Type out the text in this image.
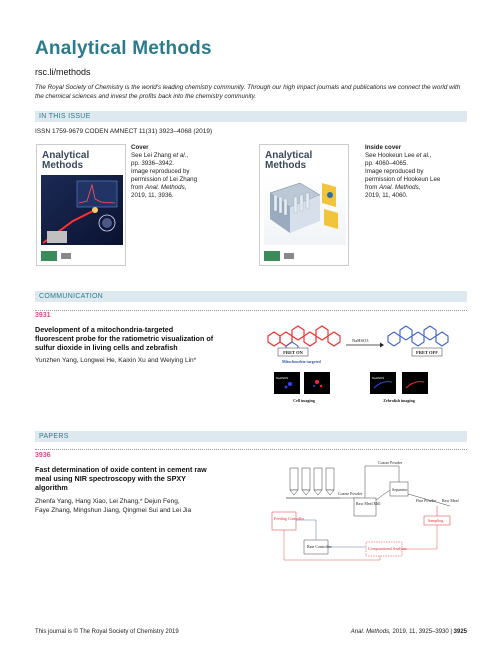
Analytical Methods
rsc.li/methods
The Royal Society of Chemistry is the world's leading chemistry community. Through our high impact journals and publications we connect the world with the chemical sciences and invest the profits back into the chemistry community.
IN THIS ISSUE
ISSN 1759-9679 CODEN AMNECT 11(31) 3923–4068 (2019)
Analytical
Methods
Cover
See Lei Zhang et al.,
pp. 3936–3942.
Image reproduced by
permission of Lei Zhang
from Anal. Methods,
2019, 11, 3936.
Analytical
Methods
Inside cover
See Hookeun Lee et al.,
pp. 4060–4065.
Image reproduced by
permission of Hookeun Lee
from Anal. Methods,
2019, 11, 4060.
COMMUNICATION
3931
Development of a mitochondria-targeted
fluorescent probe for the ratiometric visualization of
sulfur dioxide in living cells and zebrafish
Yunzhen Yang, Longwei He, Kaixin Xu and Weiying Lin*
FRET ON
Mitochondria targeted
NaHSO3
FRET OFF
NaHSO3
Cell imaging
NaHSO3
Zebrafish imaging
PAPERS
3936
Fast determination of oxide content in cement raw
meal using NIR spectroscopy with the SPXY
algorithm
Zhenfa Yang, Hang Xiao, Lei Zhang,* Dejun Feng,
Faye Zhang, Mingshun Jiang, Qingmei Sui and Lei Jia
Coarse Powder
Raw Meal Mill
Separator
Coarse Powder
Fine Powder Raw Meal
Sampling
Feeding Controller
Rate Controller	Computational Analysis
This journal is © The Royal Society of Chemistry 2019	Anal. Methods, 2019, 11, 3925–3930 | 3925
